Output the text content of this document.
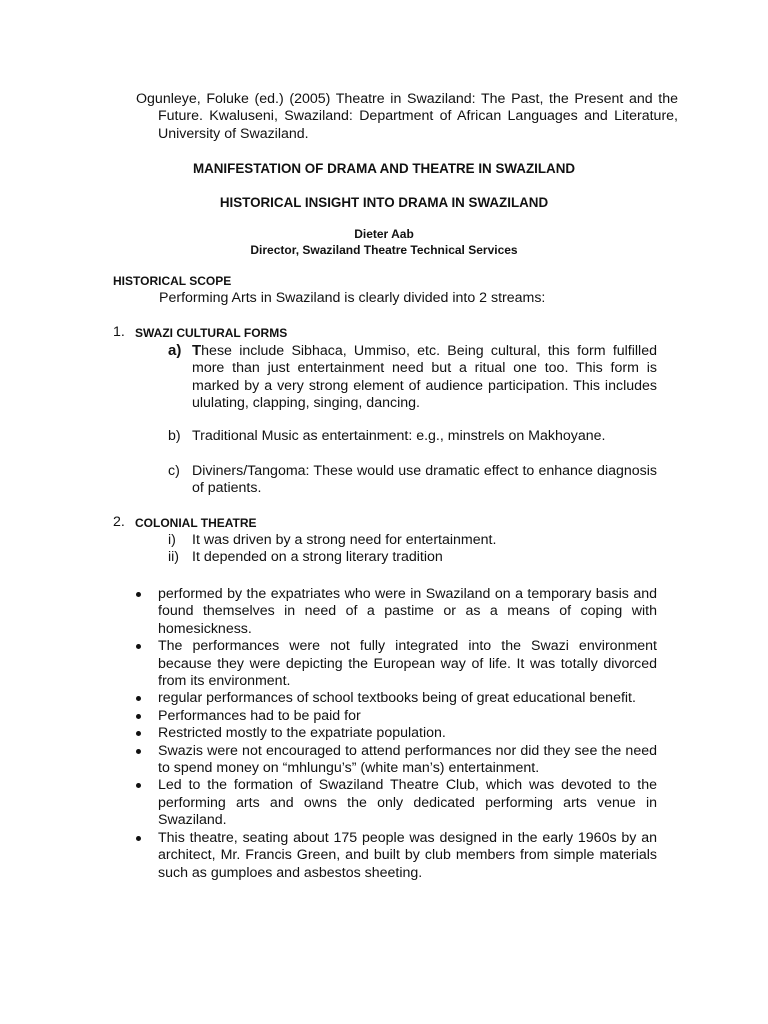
Ogunleye, Foluke (ed.) (2005) Theatre in Swaziland: The Past, the Present and the Future. Kwaluseni, Swaziland: Department of African Languages and Literature, University of Swaziland.
MANIFESTATION OF DRAMA AND THEATRE IN SWAZILAND
HISTORICAL INSIGHT INTO DRAMA IN SWAZILAND
Dieter Aab
Director, Swaziland Theatre Technical Services
HISTORICAL SCOPE
Performing Arts in Swaziland is clearly divided into 2 streams:
1. SWAZI CULTURAL FORMS
a) These include Sibhaca, Ummiso, etc. Being cultural, this form fulfilled more than just entertainment need but a ritual one too. This form is marked by a very strong element of audience participation. This includes ululating, clapping, singing, dancing.
b) Traditional Music as entertainment: e.g., minstrels on Makhoyane.
c) Diviners/Tangoma: These would use dramatic effect to enhance diagnosis of patients.
2. COLONIAL THEATRE
i) It was driven by a strong need for entertainment.
ii) It depended on a strong literary tradition
performed by the expatriates who were in Swaziland on a temporary basis and found themselves in need of a pastime or as a means of coping with homesickness.
The performances were not fully integrated into the Swazi environment because they were depicting the European way of life. It was totally divorced from its environment.
regular performances of school textbooks being of great educational benefit.
Performances had to be paid for
Restricted mostly to the expatriate population.
Swazis were not encouraged to attend performances nor did they see the need to spend money on “mhlungu’s” (white man’s) entertainment.
Led to the formation of Swaziland Theatre Club, which was devoted to the performing arts and owns the only dedicated performing arts venue in Swaziland.
This theatre, seating about 175 people was designed in the early 1960s by an architect, Mr. Francis Green, and built by club members from simple materials such as gumploes and asbestos sheeting.
